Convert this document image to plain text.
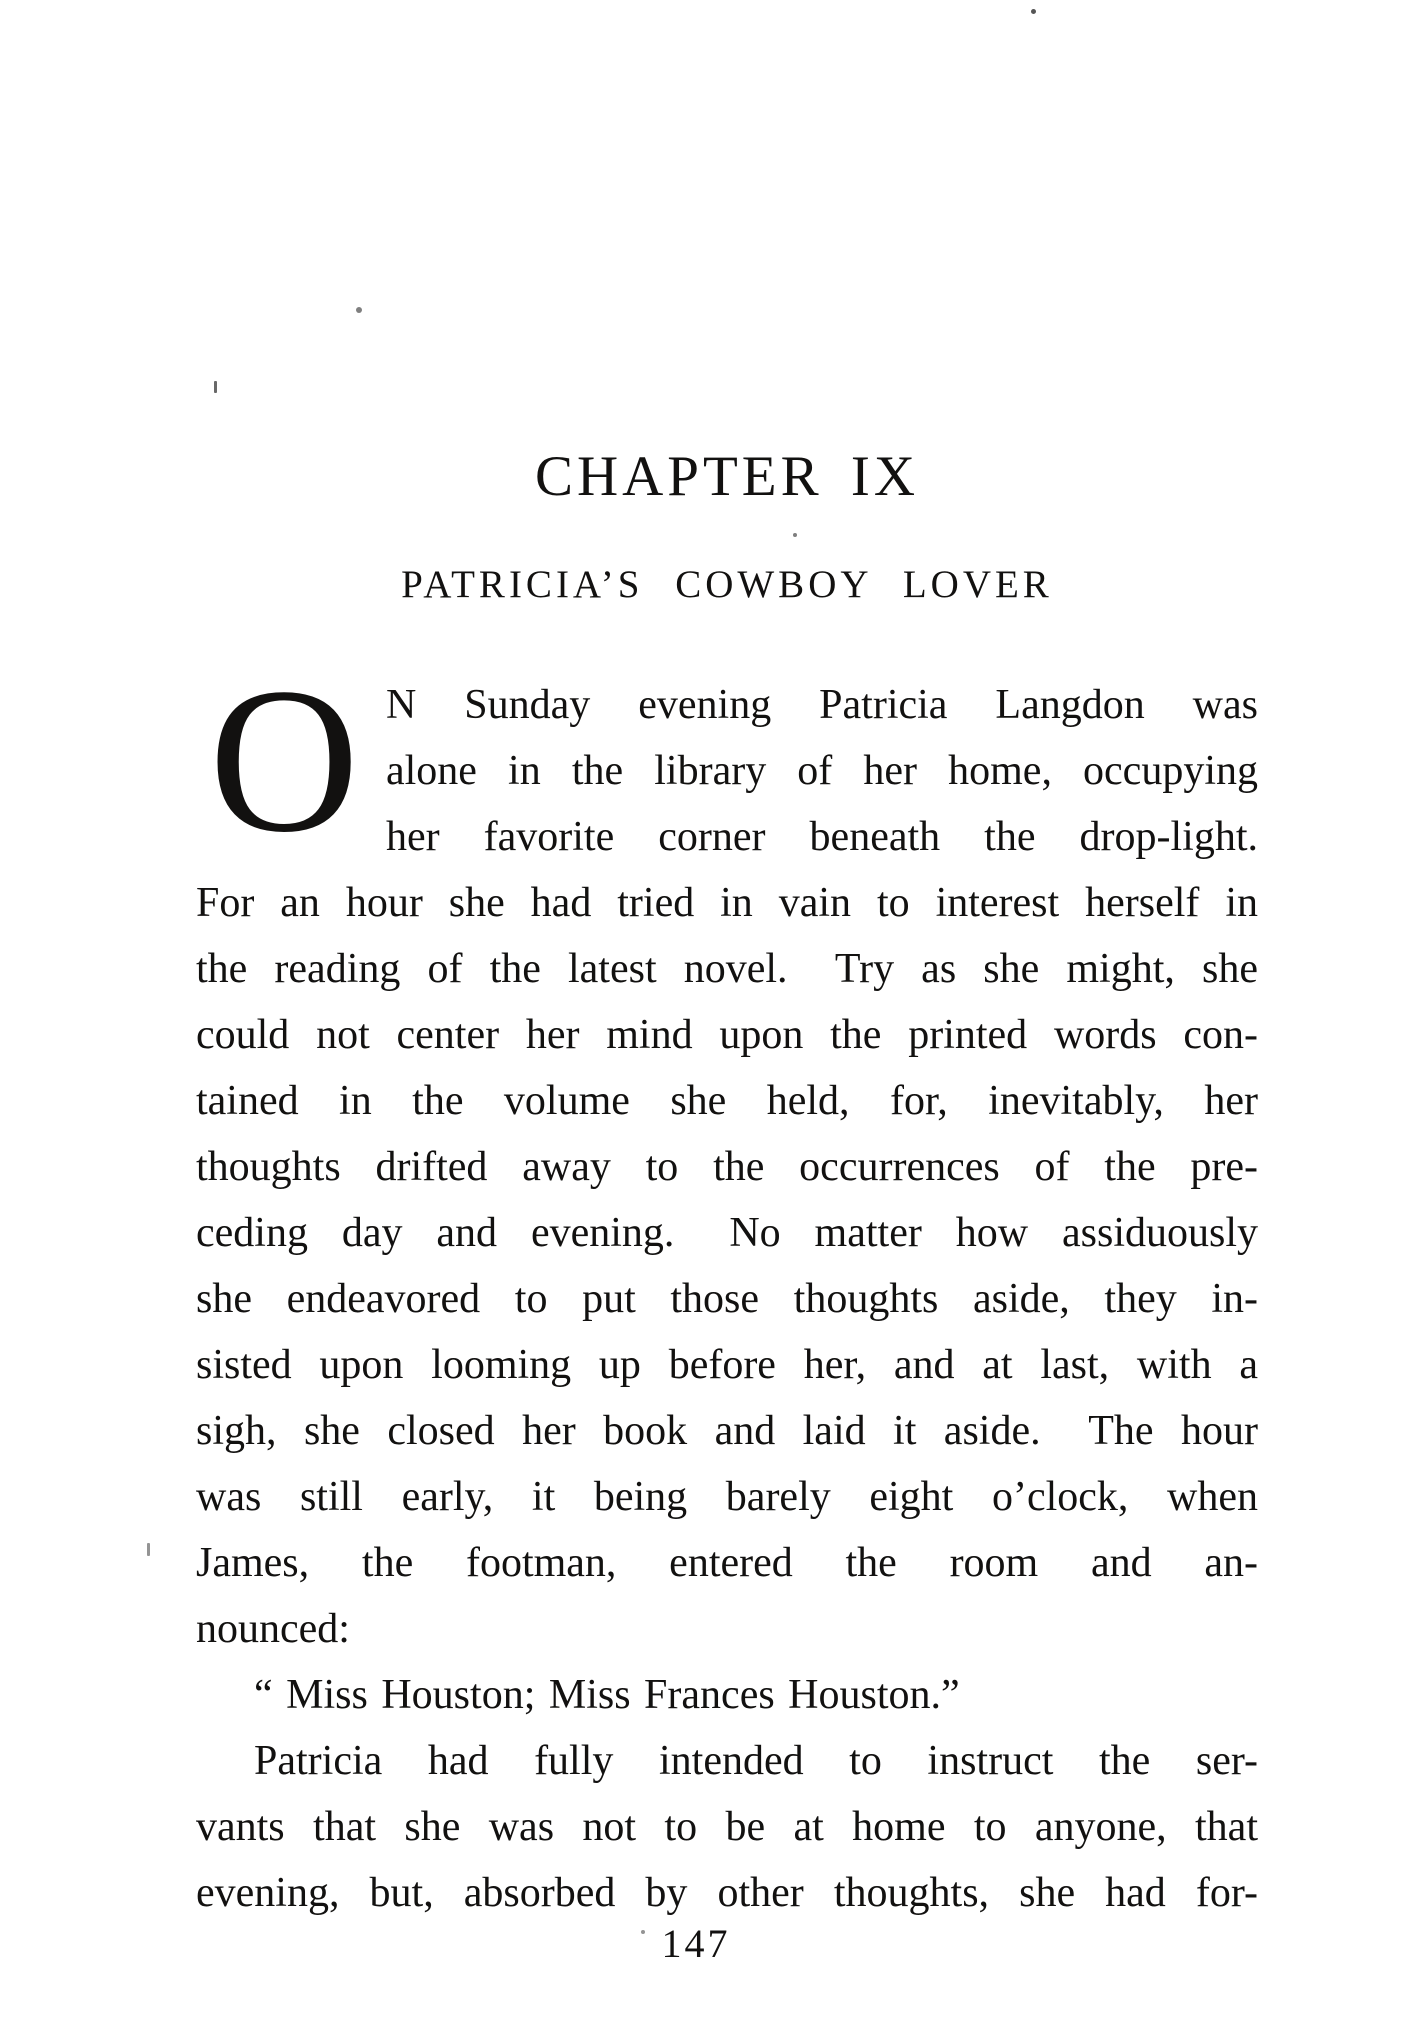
CHAPTER IX
PATRICIA’S COWBOY LOVER
O N Sunday evening Patricia Langdon was
alone in the library of her home, occupying
her favorite corner beneath the drop-light.
For an hour she had tried in vain to interest herself in
the reading of the latest novel.  Try as she might, she
could not center her mind upon the printed words con-
tained in the volume she held, for, inevitably, her
thoughts drifted away to the occurrences of the pre-
ceding day and evening.  No matter how assiduously
she endeavored to put those thoughts aside, they in-
sisted upon looming up before her, and at last, with a
sigh, she closed her book and laid it aside.  The hour
was still early, it being barely eight o’clock, when
James, the footman, entered the room and an-
nounced:
“ Miss Houston; Miss Frances Houston.”
Patricia had fully intended to instruct the ser-
vants that she was not to be at home to anyone, that
evening, but, absorbed by other thoughts, she had for-
147
